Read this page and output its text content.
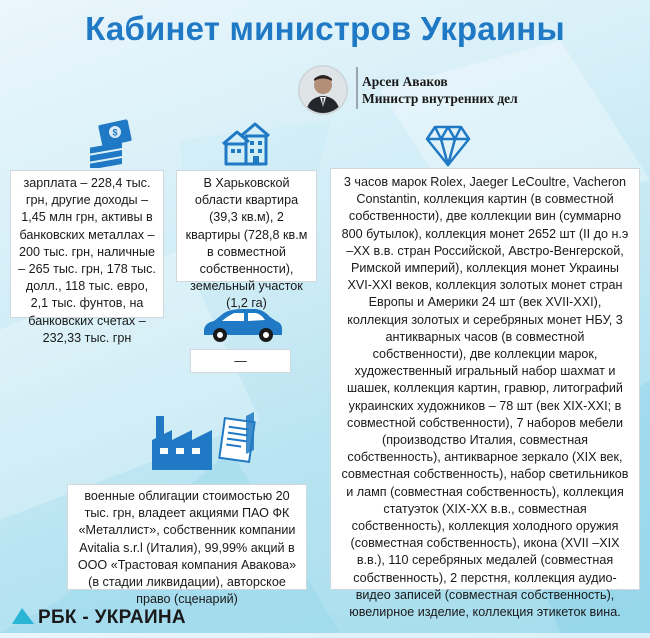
Кабинет министров Украины
Арсен Аваков
Министр внутренних дел
$
зарплата – 228,4 тыс. грн, другие доходы – 1,45 млн грн, активы в банковских металлах – 200 тыс. грн, наличные – 265 тыс. грн, 178 тыс. долл., 118 тыс. евро, 2,1 тыс. фунтов, на банковских счетах – 232,33 тыс. грн
В Харьковской области квартира (39,3 кв.м), 2 квартиры (728,8 кв.м в совместной собственности), земельный участок (1,2 га)
—
3 часов марок Rolex, Jaeger LeCoultre, Vacheron Constantin, коллекция картин (в совместной собственности), две коллекции вин (суммарно 800 бутылок), коллекция монет 2652 шт (II до н.э –XX в.в. стран Российской, Австро-Венгерской, Римской империй), коллекция монет Украины XVI-XXI веков, коллекция золотых монет стран Европы и Америки 24 шт (век XVII-XXI), коллекция золотых и серебряных монет НБУ, 3 антикварных часов (в совместной собственности), две коллекции марок, художественный игральный набор шахмат и шашек, коллекция картин, гравюр, литографий украинских художников – 78 шт (век XIX-XXI; в совместной собственности), 7 наборов мебели (производство Италия, совместная собственность), антикварное зеркало (XIX век, совместная собственность), набор светильников и ламп (совместная собственность), коллекция статуэток (XIX-XX в.в., совместная собственность), коллекция холодного оружия (совместная собственность), икона (XVII –XIX в.в.), 110 серебряных медалей (совместная собственность), 2 перстня, коллекция аудио-видео записей (совместная собственность), ювелирное изделие, коллекция этикеток вина.
военные облигации стоимостью 20 тыс. грн, владеет акциями ПАО ФК «Металлист», собственник компании Avitalia s.r.l (Италия), 99,99% акций в ООО «Трастовая компания Авакова» (в стадии ликвидации), авторское право (сценарий)
РБК - УКРАИНА
